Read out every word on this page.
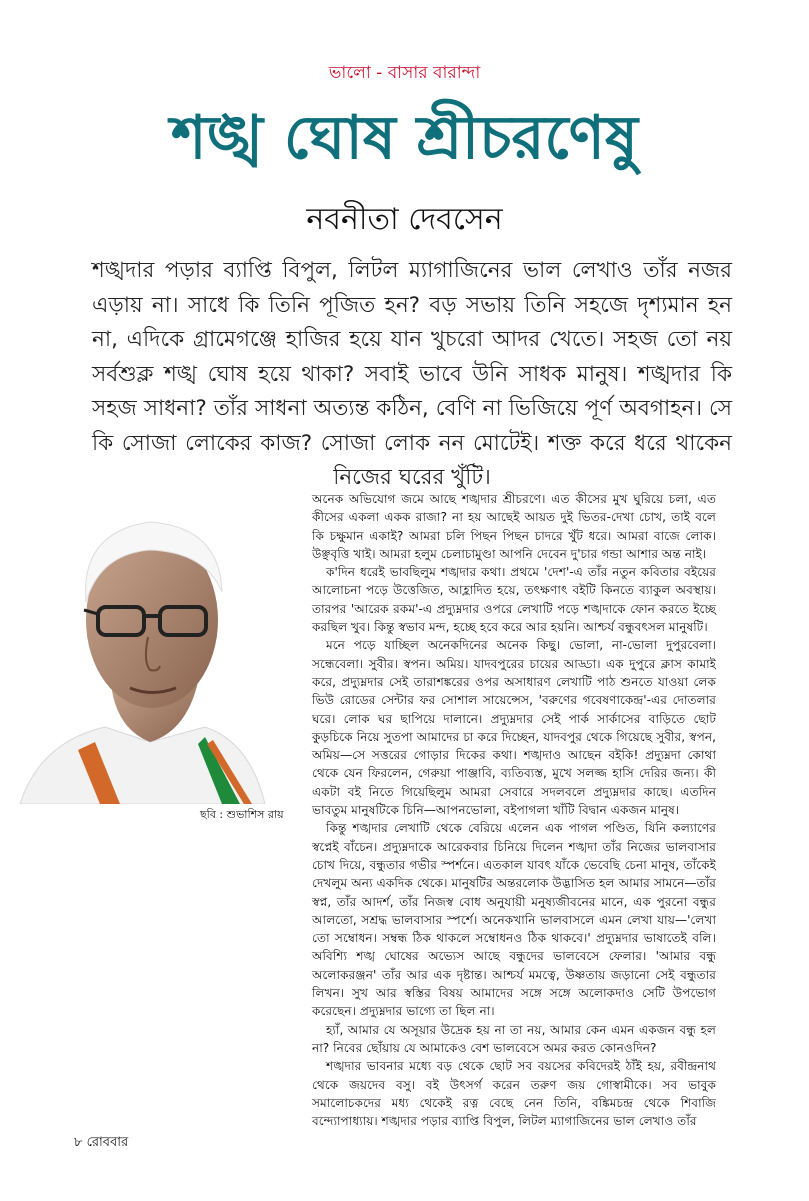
ভালো - বাসার বারান্দা
শঙ্খ ঘোষ শ্রীচরণেষু
নবনীতা দেবসেন
শঙ্খদার পড়ার ব্যাপ্তি বিপুল, লিটল ম্যাগাজিনের ভাল লেখাও তাঁর নজর এড়ায় না। সাধে কি তিনি পূজিত হন? বড় সভায় তিনি সহজে দৃশ্যমান হন না, এদিকে গ্রামেগঞ্জে হাজির হয়ে যান খুচরো আদর খেতে। সহজ তো নয় সর্বশুক্ল শঙ্খ ঘোষ হয়ে থাকা? সবাই ভাবে উনি সাধক মানুষ। শঙ্খদার কি সহজ সাধনা? তাঁর সাধনা অত্যন্ত কঠিন, বেণি না ভিজিয়ে পূর্ণ অবগাহন। সে কি সোজা লোকের কাজ? সোজা লোক নন মোটেই। শক্ত করে ধরে থাকেন নিজের ঘরের খুঁটি।
ছবি : শুভাশিস রায়

অনেক অভিযোগ জমে আছে শঙ্খদার শ্রীচরণে। এত কীসের মুখ ঘুরিয়ে চলা, এত কীসের একলা একক রাজা? না হয় আছেই আয়ত দুই ভিতর-দেখা চোখ, তাই বলে কি চক্ষুমান একাই? আমরা চলি পিছন পিছন চাদরে খুঁট ধরে। আমরা বাজে লোক। উঞ্ছবৃত্তি খাই। আমরা হলুম চেলাচামুণ্ডা আপনি দেবেন দু'চার গন্ডা আশার অন্ত নাই।

ক'দিন ধরেই ভাবছিলুম শঙ্খদার কথা। প্রথমে 'দেশ'-এ তাঁর নতুন কবিতার বইয়ের আলোচনা পড়ে উত্তেজিত, আহ্লাদিত হয়ে, তৎক্ষণাৎ বইটি কিনতে ব্যাকুল অবস্থায়। তারপর 'আরেক রকম'-এ প্রদ্যুম্নদার ওপরে লেখাটি পড়ে শঙ্খদাকে ফোন করতে ইচ্ছে করছিল খুব। কিন্তু স্বভাব মন্দ, হচ্ছে হবে করে আর হয়নি। আশ্চর্য বন্ধুবৎসল মানুষটি।

মনে পড়ে যাচ্ছিল অনেকদিনের অনেক কিছু। ভোলা, না-ভোলা দুপুরবেলা। সন্ধেবেলা। সুবীর। স্বপন। অমিয়। যাদবপুরের চায়ের আড্ডা। এক দুপুরে ক্লাস কামাই করে, প্রদ্যুম্নদার সেই তারাশঙ্করের ওপর অসাধারণ লেখাটি পাঠ শুনতে যাওয়া লেক ভিউ রোডের সেন্টার ফর সোশাল সায়েন্সেস, 'বরুণের গবেষণাকেন্দ্র'-এর দোতলার ঘরে। লোক ঘর ছাপিয়ে দালানে। প্রদ্যুম্নদার সেই পার্ক সার্কাসের বাড়িতে ছোট কুড়চিকে নিয়ে সুতপা আমাদের চা করে দিচ্ছেন, যাদবপুর থেকে গিয়েছে সুবীর, স্বপন, অমিয়—সে সত্তরের গোড়ার দিকের কথা। শঙ্খদাও আছেন বইকি! প্রদ্যুম্নদা কোথা থেকে যেন ফিরলেন, গেরুয়া পাঞ্জাবি, ব্যতিব্যস্ত, মুখে সলজ্জ হাসি দেরির জন্য। কী একটা বই নিতে গিয়েছিলুম আমরা সেবারে সদলবলে প্রদ্যুম্নদার কাছে। এতদিন ভাবতুম মানুষটিকে চিনি—আপনভোলা, বইপাগলা খাঁটি বিদ্বান একজন মানুষ।

কিন্তু শঙ্খদার লেখাটি থেকে বেরিয়ে এলেন এক পাগল পণ্ডিত, যিনি কল্যাণের স্বপ্নেই বাঁচেন। প্রদ্যুম্নদাকে আরেকবার চিনিয়ে দিলেন শঙ্খদা তাঁর নিজের ভালবাসার চোখ দিয়ে, বন্ধুতার গভীর স্পর্শনে। এতকাল যাবৎ যাঁকে ভেবেছি চেনা মানুষ, তাঁকেই দেখলুম অন্য একদিক থেকে। মানুষটির অন্তরলোক উদ্ভাসিত হল আমার সামনে—তাঁর স্বপ্ন, তাঁর আদর্শ, তাঁর নিজস্ব বোধ অনুযায়ী মনুষ্যজীবনের মানে, এক পুরনো বন্ধুর আলতো, সশ্রদ্ধ ভালবাসার স্পর্শে। অনেকখানি ভালবাসলে এমন লেখা যায়—'লেখা তো সম্বোধন। সম্বন্ধ ঠিক থাকলে সম্বোধনও ঠিক থাকবে।' প্রদ্যুম্নদার ভাষাতেই বলি। অবিশ্যি শঙ্খ ঘোষের অভ্যেস আছে বন্ধুদের ভালবেসে ফেলার। 'আমার বন্ধু অলোকরঞ্জন' তাঁর আর এক দৃষ্টান্ত। আশ্চর্য মমত্বে, উষ্ণতায় জড়ানো সেই বন্ধুতার লিখন। সুখ আর স্বস্তির বিষয় আমাদের সঙ্গে সঙ্গে অলোকদাও সেটি উপভোগ করেছেন। প্রদ্যুম্নদার ভাগ্যে তা ছিল না।

হ্যাঁ, আমার যে অসূয়ার উদ্রেক হয় না তা নয়, আমার কেন এমন একজন বন্ধু হল না? নিবের ছোঁয়ায় যে আমাকেও বেশ ভালবেসে অমর করত কোনওদিন?

শঙ্খদার ভাবনার মধ্যে বড় থেকে ছোট সব বয়সের কবিদেরই ঠাঁই হয়, রবীন্দ্রনাথ থেকে জয়দেব বসু। বই উৎসর্গ করেন তরুণ জয় গোস্বামীকে। সব ভাবুক সমালোচকদের মধ্য থেকেই রত্ন বেছে নেন তিনি, বঙ্কিমচন্দ্র থেকে শিবাজি বন্দ্যোপাধ্যায়। শঙ্খদার পড়ার ব্যাপ্তি বিপুল, লিটল ম্যাগাজিনের ভাল লেখাও তাঁর

৮ রোববার
